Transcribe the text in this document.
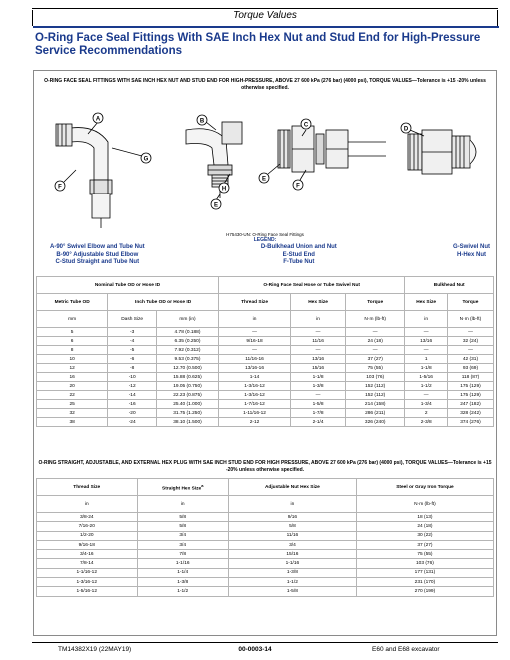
Torque Values
O-Ring Face Seal Fittings With SAE Inch Hex Nut and Stud End for High-Pressure Service Recommendations
O-RING FACE SEAL FITTINGS WITH SAE INCH HEX NUT AND STUD END FOR HIGH-PRESSURE, ABOVE 27 600 kPa (276 bar) (4000 psi), TORQUE VALUES—Tolerance is +15 -20% unless otherwise specified.
A	B
C
D
E
E
F	F
G
H
H75430-UN: O-Ring Face Seal Fittings
LEGEND:
A-90° Swivel Elbow and Tube Nut
B-90° Adjustable Stud Elbow
C-Stud Straight and Tube Nut
D-Bulkhead Union and Nut
E-Stud End
F-Tube Nut
G-Swivel Nut
H-Hex Nut
Nominal Tube OD or Hose ID			O-Ring Face Seal Hose or Tube Swivel Nut			Bulkhead Nut	
Metric Tube OD	Inch Tube OD or Hose ID		Thread Size	Hex Size	Torque	Hex Size	Torque
mm	Dash Size	mm (in)	in	in	N·m (lb-ft)	in	N·m (lb-ft)
5	-3	4.78 (0.188)	—	—	—	—	—
6	-4	6.35 (0.250)	9/16-18	11/16	24 (18)	13/16	32 (24)
8	-5	7.92 (0.312)	—	—	—	—	—
10	-6	9.53 (0.375)	11/16-16	13/16	37 (27)	1	42 (31)
12	-8	12.70 (0.500)	13/16-16	15/16	75 (55)	1-1/8	93 (69)
16	-10	15.88 (0.625)	1-14	1-1/8	103 (76)	1-5/16	118 (87)
20	-12	19.05 (0.750)	1-3/16-12	1-3/8	152 (112)	1-1/2	175 (129)
22	-14	22.23 (0.875)	1-3/16-12	—	152 (112)	—	175 (129)
25	-16	25.40 (1.000)	1-7/16-12	1-5/8	214 (158)	1-3/4	247 (182)
32	-20	31.75 (1.250)	1-11/16-12	1-7/8	286 (211)	2	328 (242)
38	-24	38.10 (1.500)	2-12	2-1/4	326 (240)	2-3/8	374 (276)
O-RING STRAIGHT, ADJUSTABLE, AND EXTERNAL HEX PLUG WITH SAE INCH STUD END FOR HIGH PRESSURE, ABOVE 27 600 kPa (276 bar) (4000 psi), TORQUE VALUES—Tolerance is +15 -20% unless otherwise specified.
Thread Size	Straight Hex Size$^a$	Adjustable Nut Hex Size	Steel or Gray Iron Torque
in	in	in	N·m (lb-ft)
3/8-24	5/8	9/16	18 (13)
7/16-20	5/8	5/8	24 (18)
1/2-20	3/4	11/16	30 (22)
9/16-18	3/4	3/4	37 (27)
3/4-16	7/8	15/16	75 (55)
7/8-14	1-1/16	1-1/16	103 (76)
1-1/16-12	1-1/4	1-3/8	177 (131)
1-3/16-12	1-3/8	1-1/2	231 (170)
1-5/16-12	1-1/2	1-5/8	270 (199)
TM14382X19 (22MAY19)	00-0003-14	E60 and E68 excavator
